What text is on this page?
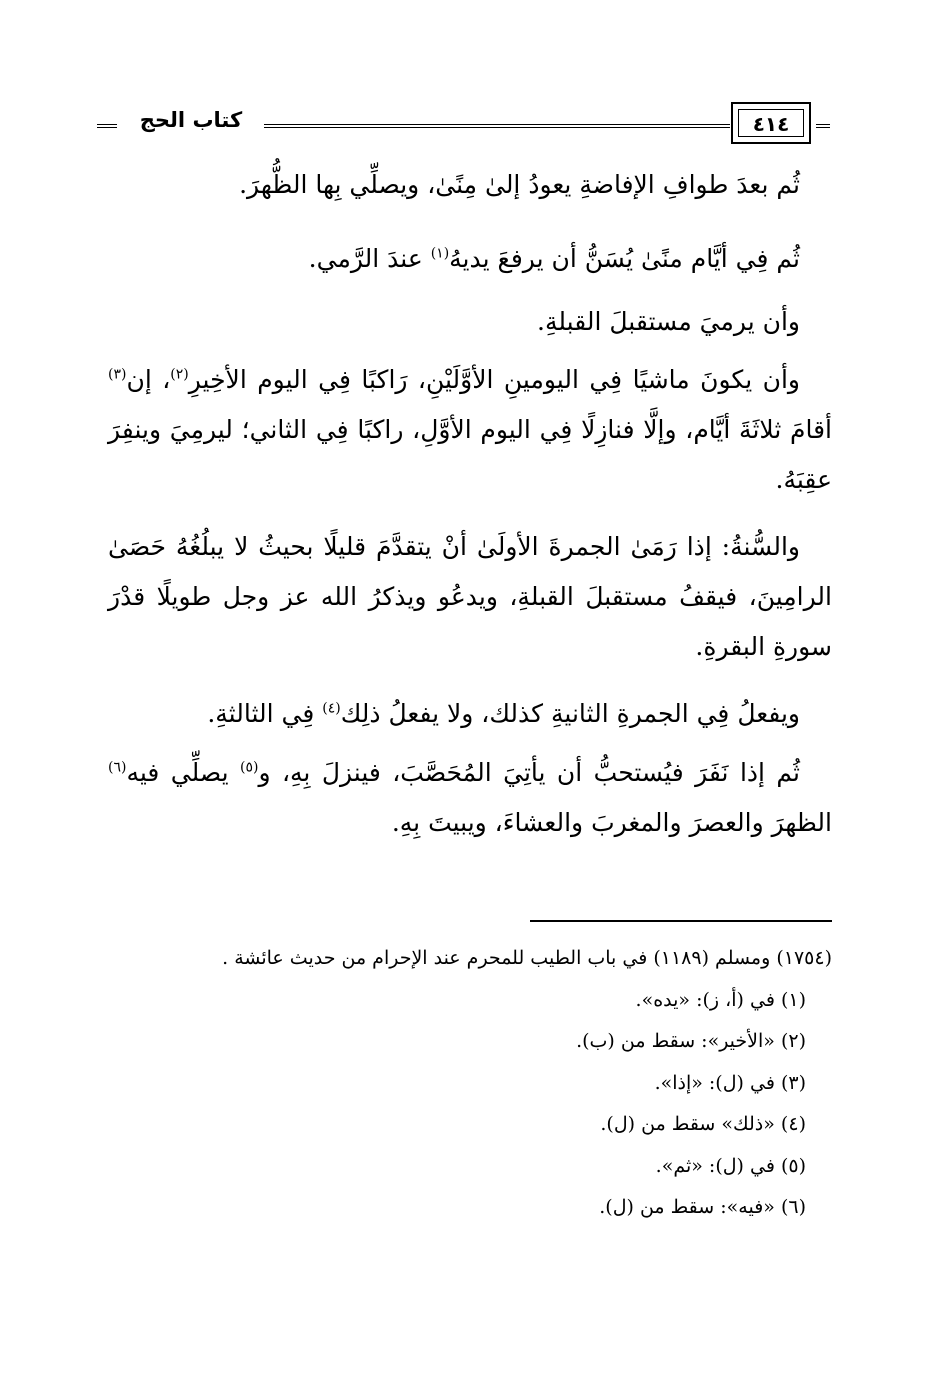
كتاب الحج	٤١٤

ثُم بعدَ طوافِ الإفاضةِ يعودُ إلىٰ مِنًىٰ، ويصلِّي بِها الظُّهرَ.

ثُم فِي أيَّام منًىٰ يُسَنُّ أن يرفعَ يديهُ$^{(١)}$ عندَ الرَّمي.

وأن يرميَ مستقبلَ القبلةِ.

وأن يكونَ ماشيًا فِي اليومينِ الأوَّلَيْنِ، رَاكبًا فِي اليوم الأخِيرِ$^{(٢)}$، إن$^{(٣)}$ أقامَ ثلاثَةَ أيَّام، وإلَّا فنازِلًا فِي اليوم الأوَّلِ، راكبًا فِي الثاني؛ ليرمِيَ وينفِرَ عقِبَهُ.

والسُّنةُ: إذا رَمَىٰ الجمرةَ الأولَىٰ أنْ يتقدَّمَ قليلًا بحيثُ لا يبلُغُهُ حَصَىٰ الرامِينَ، فيقفُ مستقبلَ القبلةِ، ويدعُو ويذكرُ الله عز وجل طويلًا قدْرَ سورةِ البقرةِ.

ويفعلُ فِي الجمرةِ الثانيةِ كذلك، ولا يفعلُ ذلِك$^{(٤)}$ فِي الثالثةِ.

ثُم إذا نَفَرَ فيُستحبُّ أن يأتِيَ المُحَصَّبَ، فينزلَ بِهِ، و$^{(٥)}$ يصلِّي فيه$^{(٦)}$ الظهرَ والعصرَ والمغربَ والعشاءَ، ويبيتَ بِهِ.

(١٧٥٤) ومسلم (١١٨٩) في باب الطيب للمحرم عند الإحرام من حديث عائشة .
(١) في (أ، ز): «يده».
(٢) «الأخير»: سقط من (ب).
(٣) في (ل): «إذا».
(٤) «ذلك» سقط من (ل).
(٥) في (ل): «ثم».
(٦) «فيه»: سقط من (ل).
